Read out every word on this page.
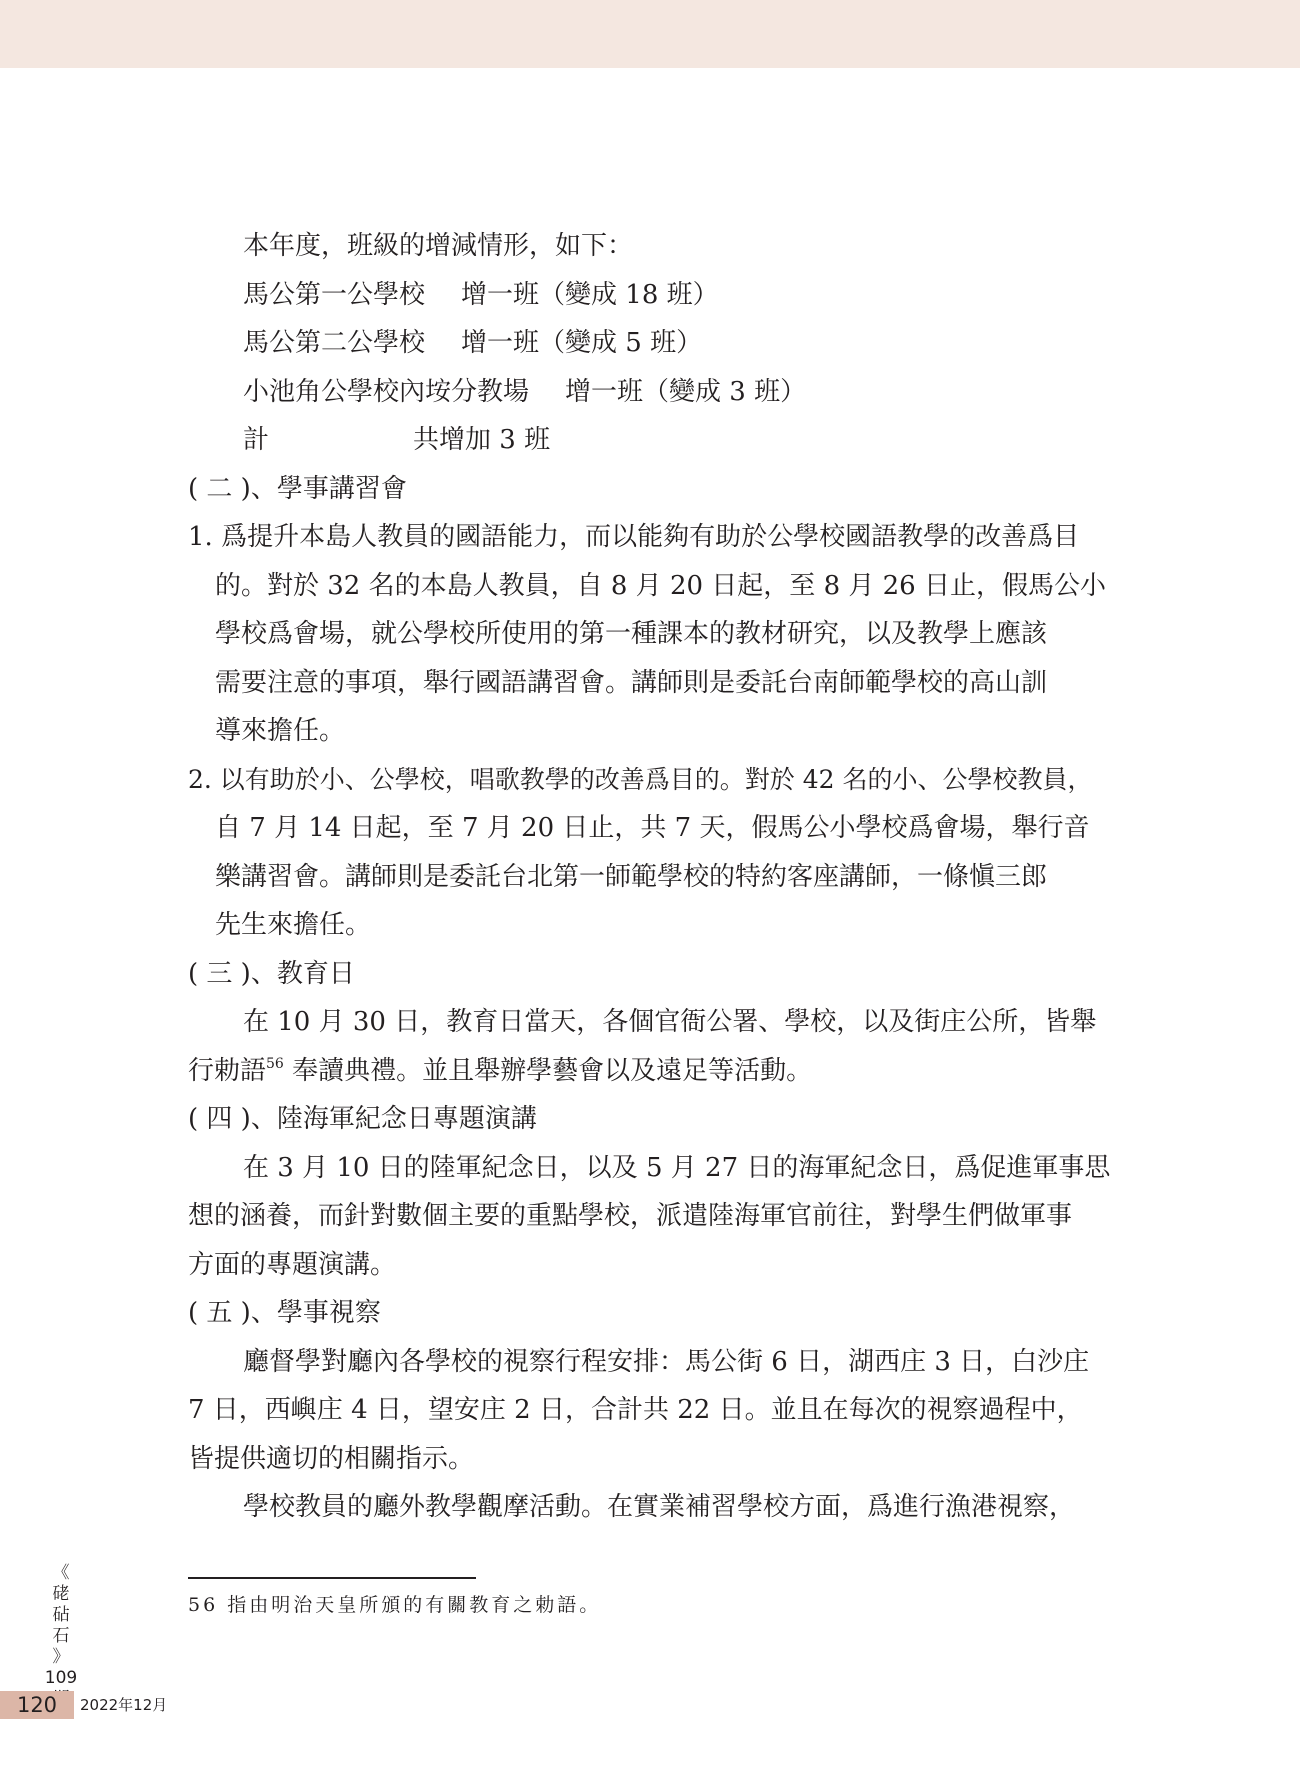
本年度，班級的增減情形，如下：
馬公第一公學校 增一班（變成 18 班）
馬公第二公學校 增一班（變成 5 班）
小池角公學校內垵分教場 增一班（變成 3 班）
計	共增加 3 班
( 二 )、學事講習會
1. 爲提升本島人教員的國語能力，而以能夠有助於公學校國語教學的改善爲目
的。對於 32 名的本島人教員，自 8 月 20 日起，至 8 月 26 日止，假馬公小
學校爲會場，就公學校所使用的第一種課本的教材研究，以及教學上應該
需要注意的事項，舉行國語講習會。講師則是委託台南師範學校的高山訓
導來擔任。
2. 以有助於小、公學校，唱歌教學的改善爲目的。對於 42 名的小、公學校教員，
自 7 月 14 日起，至 7 月 20 日止，共 7 天，假馬公小學校爲會場，舉行音
樂講習會。講師則是委託台北第一師範學校的特約客座講師，一條愼三郎
先生來擔任。
( 三 )、教育日
在 10 月 30 日，教育日當天，各個官衙公署、學校，以及街庄公所，皆舉
行勅語$^{56}$ 奉讀典禮。並且舉辦學藝會以及遠足等活動。
( 四 )、陸海軍紀念日專題演講
在 3 月 10 日的陸軍紀念日，以及 5 月 27 日的海軍紀念日，爲促進軍事思
想的涵養，而針對數個主要的重點學校，派遣陸海軍官前往，對學生們做軍事
方面的專題演講。
( 五 )、學事視察
廳督學對廳內各學校的視察行程安排：馬公街 6 日，湖西庄 3 日，白沙庄
7 日，西嶼庄 4 日，望安庄 2 日，合計共 22 日。並且在每次的視察過程中，
皆提供適切的相關指示。
學校教員的廳外教學觀摩活動。在實業補習學校方面，爲進行漁港視察，
56 指由明治天皇所頒的有關教育之勅語。
《
硓
砧
石
》
109
120	2022年12月
